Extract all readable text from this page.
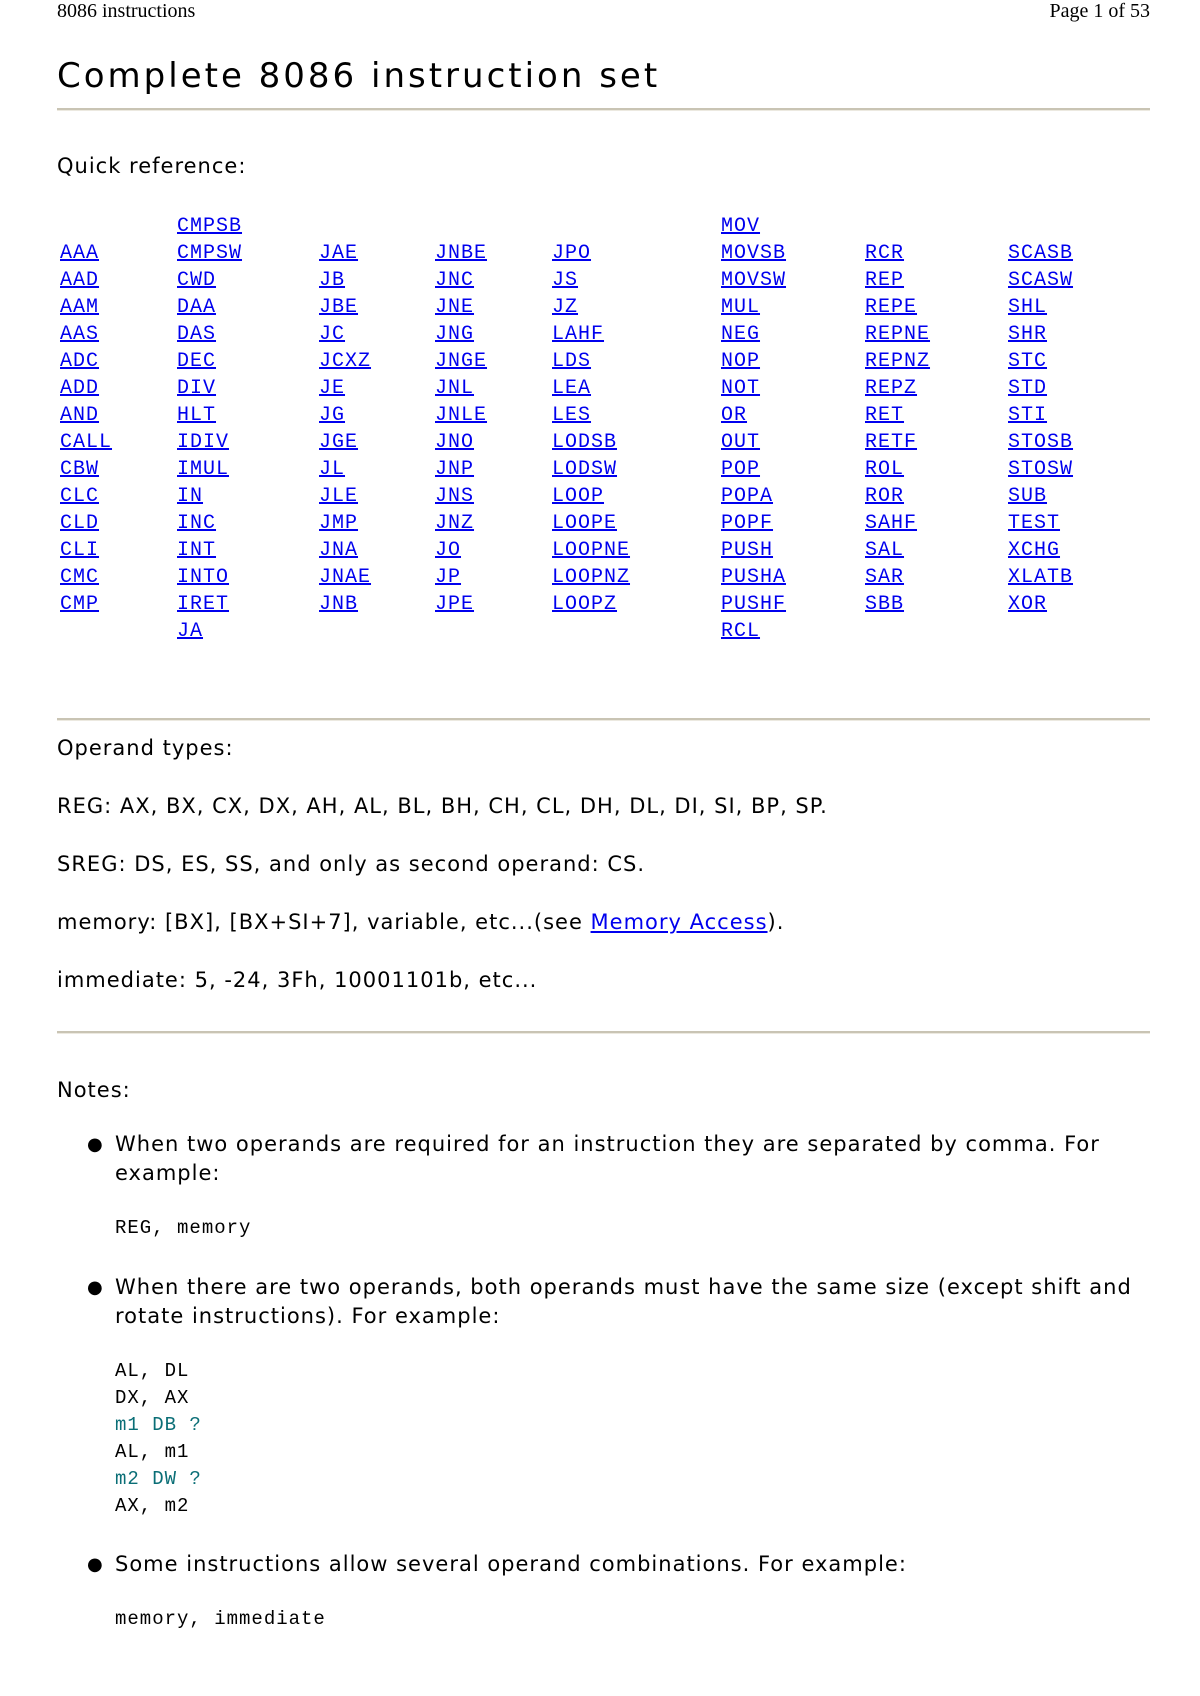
8086 instructions	Page 1 of 53
Complete 8086 instruction set
Quick reference:

AAA
AAD
AAM
AAS
ADC
ADD
AND
CALL
CBW
CLC
CLD
CLI
CMC
CMP
CMPSB
CMPSW
CWD
DAA
DAS
DEC
DIV
HLT
IDIV
IMUL
IN
INC
INT
INTO
IRET
JA

JAE
JB
JBE
JC
JCXZ
JE
JG
JGE
JL
JLE
JMP
JNA
JNAE
JNB

JNBE
JNC
JNE
JNG
JNGE
JNL
JNLE
JNO
JNP
JNS
JNZ
JO
JP
JPE

JPO
JS
JZ
LAHF
LDS
LEA
LES
LODSB
LODSW
LOOP
LOOPE
LOOPNE
LOOPNZ
LOOPZ
MOV
MOVSB
MOVSW
MUL
NEG
NOP
NOT
OR
OUT
POP
POPA
POPF
PUSH
PUSHA
PUSHF
RCL

RCR
REP
REPE
REPNE
REPNZ
REPZ
RET
RETF
ROL
ROR
SAHF
SAL
SAR
SBB

SCASB
SCASW
SHL
SHR
STC
STD
STI
STOSB
STOSW
SUB
TEST
XCHG
XLATB
XOR
Operand types:
REG: AX, BX, CX, DX, AH, AL, BL, BH, CH, CL, DH, DL, DI, SI, BP, SP.
SREG: DS, ES, SS, and only as second operand: CS.
memory: [BX], [BX+SI+7], variable, etc...(see Memory Access).
immediate: 5, -24, 3Fh, 10001101b, etc...
Notes:
● When two operands are required for an instruction they are separated by comma. For example:
REG, memory
● When there are two operands, both operands must have the same size (except shift and rotate instructions). For example:
AL, DL
DX, AX
m1 DB ?
AL, m1
m2 DW ?
AX, m2
● Some instructions allow several operand combinations. For example:
memory, immediate
